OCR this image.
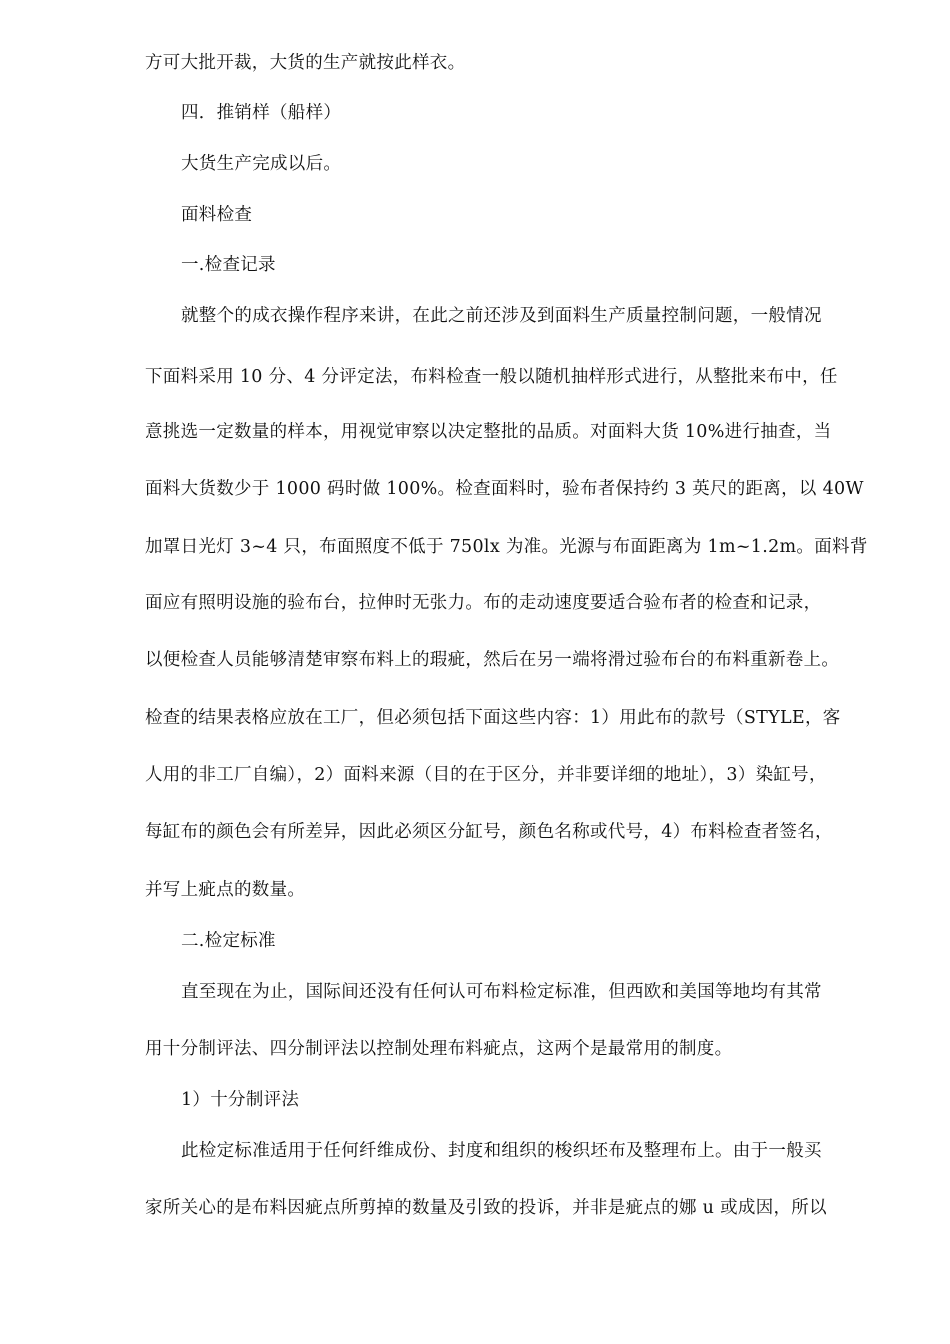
方可大批开裁，大货的生产就按此样衣。
四．推销样（船样）
大货生产完成以后。
面料检查
一.检查记录
就整个的成衣操作程序来讲，在此之前还涉及到面料生产质量控制问题，一般情况
下面料采用 10 分、4 分评定法，布料检查一般以随机抽样形式进行，从整批来布中，任
意挑选一定数量的样本，用视觉审察以决定整批的品质。对面料大货 10%进行抽查，当
面料大货数少于 1000 码时做 100%。检查面料时，验布者保持约 3 英尺的距离，以 40W
加罩日光灯 3~4 只，布面照度不低于 750lx 为准。光源与布面距离为 1m~1.2m。面料背
面应有照明设施的验布台，拉伸时无张力。布的走动速度要适合验布者的检查和记录，
以便检查人员能够清楚审察布料上的瑕疵，然后在另一端将滑过验布台的布料重新卷上。
检查的结果表格应放在工厂，但必须包括下面这些内容：1）用此布的款号（STYLE，客
人用的非工厂自编），2）面料来源（目的在于区分，并非要详细的地址），3）染缸号，
每缸布的颜色会有所差异，因此必须区分缸号，颜色名称或代号，4）布料检查者签名，
并写上疵点的数量。
二.检定标准
直至现在为止，国际间还没有任何认可布料检定标准，但西欧和美国等地均有其常
用十分制评法、四分制评法以控制处理布料疵点，这两个是最常用的制度。
1）十分制评法
此检定标准适用于任何纤维成份、封度和组织的梭织坯布及整理布上。由于一般买
家所关心的是布料因疵点所剪掉的数量及引致的投诉，并非是疵点的娜 u 或成因，所以
